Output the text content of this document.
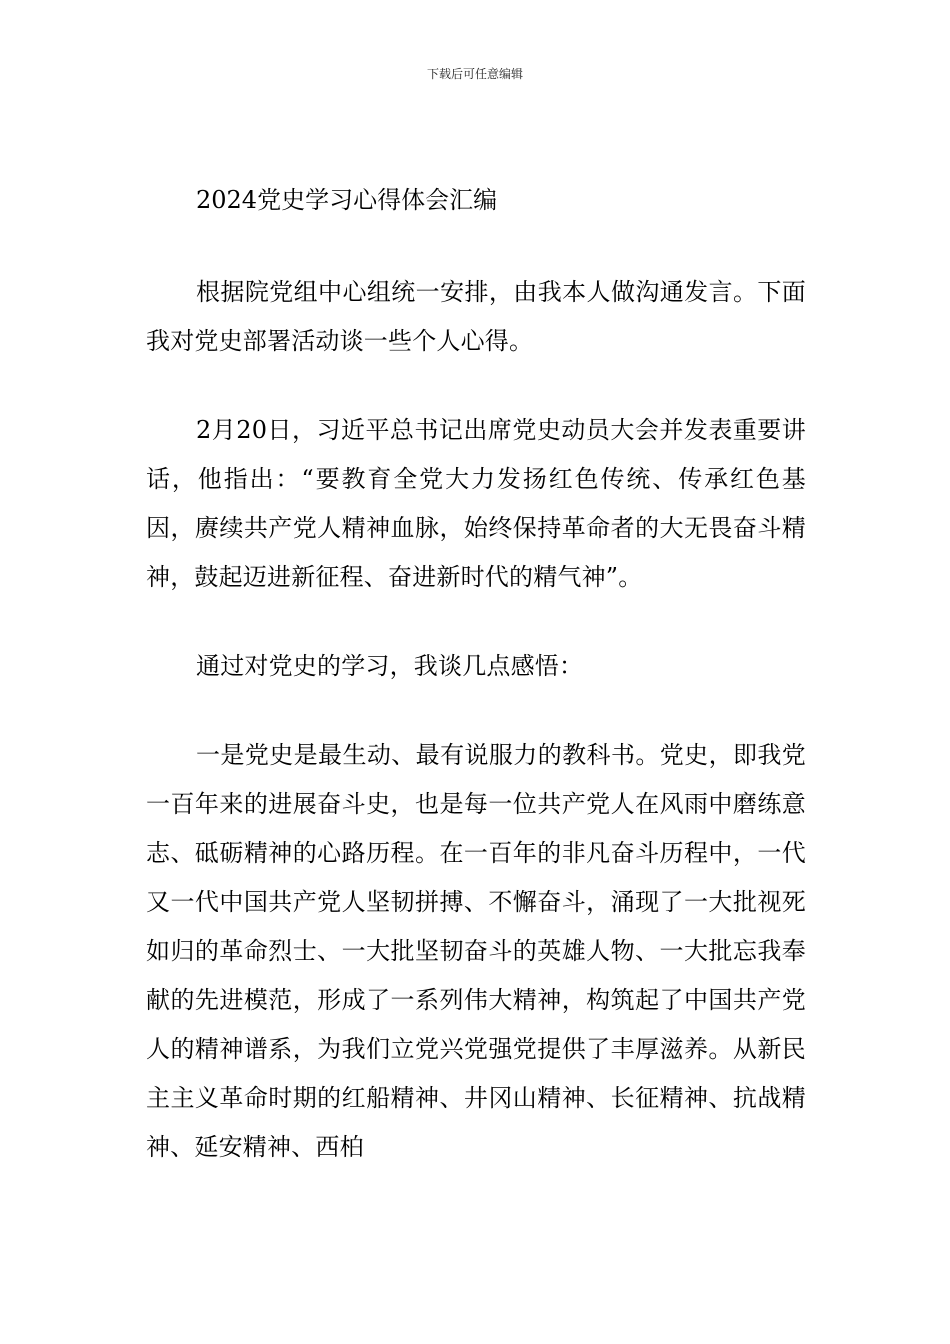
下载后可任意编辑
2024党史学习心得体会汇编

根据院党组中心组统一安排，由我本人做沟通发言。下面我对党史部署活动谈一些个人心得。

2月20日，习近平总书记出席党史动员大会并发表重要讲话，他指出：“要教育全党大力发扬红色传统、传承红色基因，赓续共产党人精神血脉，始终保持革命者的大无畏奋斗精神，鼓起迈进新征程、奋进新时代的精气神”。

通过对党史的学习，我谈几点感悟：

一是党史是最生动、最有说服力的教科书。党史，即我党一百年来的进展奋斗史，也是每一位共产党人在风雨中磨练意志、砥砺精神的心路历程。在一百年的非凡奋斗历程中，一代又一代中国共产党人坚韧拼搏、不懈奋斗，涌现了一大批视死如归的革命烈士、一大批坚韧奋斗的英雄人物、一大批忘我奉献的先进模范，形成了一系列伟大精神，构筑起了中国共产党人的精神谱系，为我们立党兴党强党提供了丰厚滋养。从新民主主义革命时期的红船精神、井冈山精神、长征精神、抗战精神、延安精神、西柏
